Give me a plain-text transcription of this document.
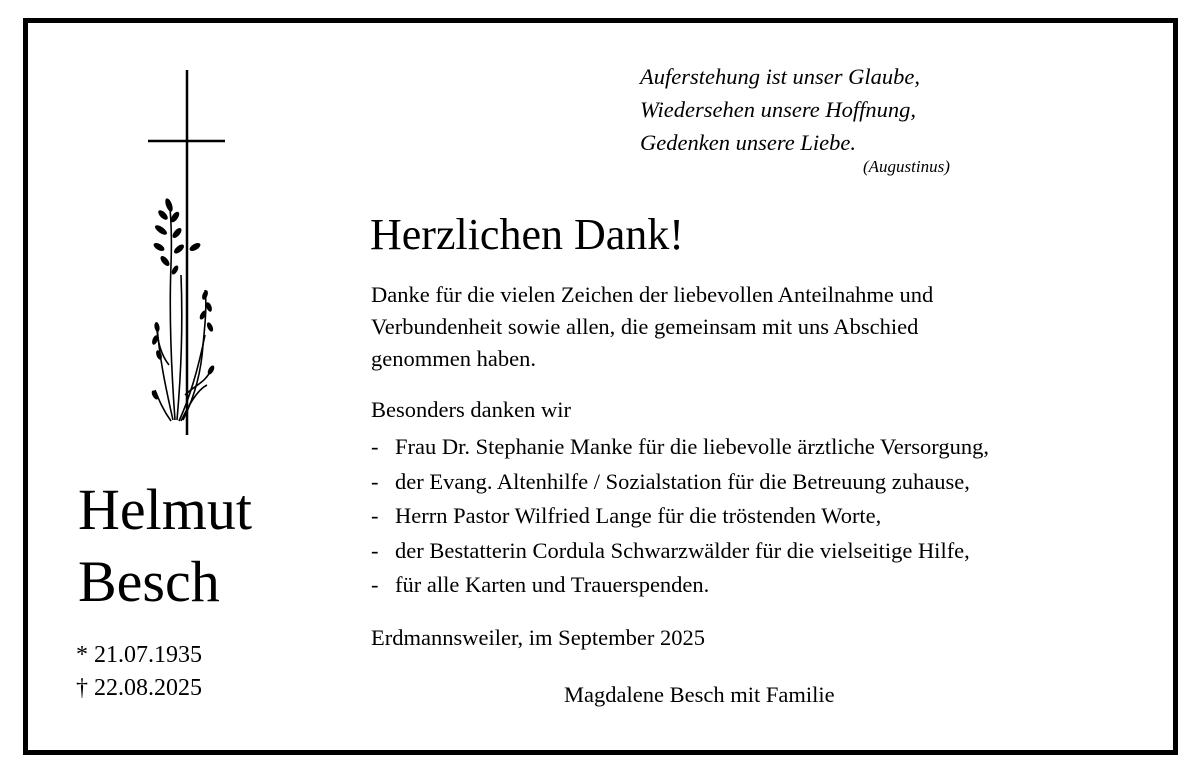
Auferstehung ist unser Glaube,
Wiedersehen unsere Hoffnung,
Gedenken unsere Liebe.
(Augustinus)
Herzlichen Dank!

Danke für die vielen Zeichen der liebevollen Anteilnahme und

Verbundenheit sowie allen, die gemeinsam mit uns Abschied

genommen haben.

Besonders danken wir
- Frau Dr. Stephanie Manke für die liebevolle ärztliche Versorgung,
- der Evang. Altenhilfe / Sozialstation für die Betreuung zuhause,
- Herrn Pastor Wilfried Lange für die tröstenden Worte,
- der Bestatterin Cordula Schwarzwälder für die vielseitige Hilfe,
- für alle Karten und Trauerspenden.
Erdmannsweiler, im September 2025
Magdalene Besch mit Familie
Helmut
Besch
* 21.07.1935
† 22.08.2025
